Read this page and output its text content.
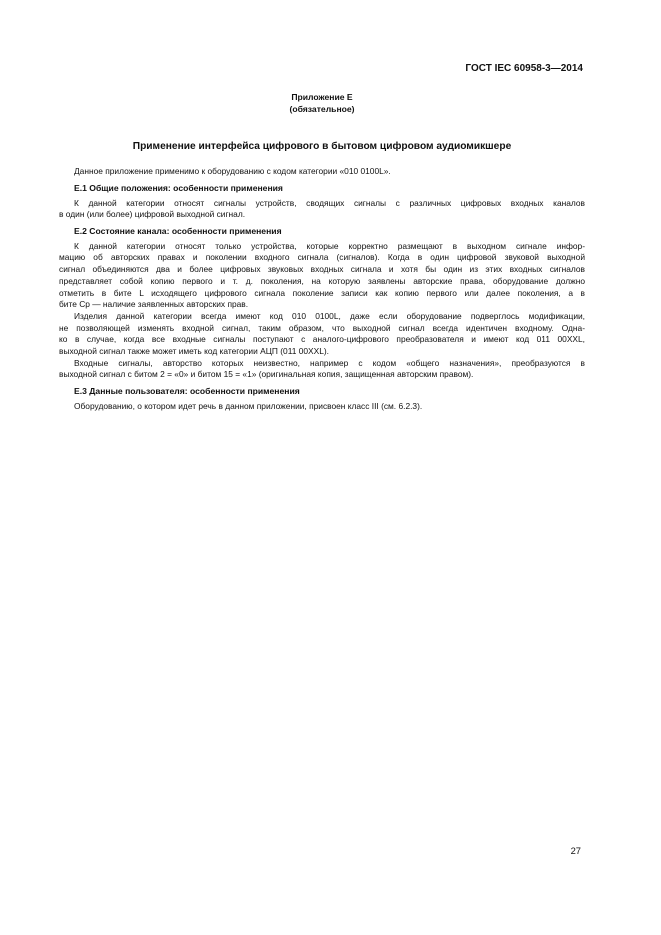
ГОСТ IEC 60958-3—2014
Приложение Е
(обязательное)
Применение интерфейса цифрового в бытовом цифровом аудиомикшере

Данное приложение применимо к оборудованию с кодом категории «010 0100L».

Е.1 Общие положения: особенности применения

К данной категории относят сигналы устройств, сводящих сигналы с различных цифровых входных каналов

в один (или более) цифровой выходной сигнал.

Е.2 Состояние канала: особенности применения

К данной категории относят только устройства, которые корректно размещают в выходном сигнале инфор-

мацию об авторских правах и поколении входного сигнала (сигналов). Когда в один цифровой звуковой выходной

сигнал объединяются два и более цифровых звуковых входных сигнала и хотя бы один из этих входных сигналов

представляет собой копию первого и т. д. поколения, на которую заявлены авторские права, оборудование должно

отметить в бите L исходящего цифрового сигнала поколение записи как копию первого или далее поколения, а в

бите Ср — наличие заявленных авторских прав.

Изделия данной категории всегда имеют код 010 0100L, даже если оборудование подверглось модификации,

не позволяющей изменять входной сигнал, таким образом, что выходной сигнал всегда идентичен входному. Одна-

ко в случае, когда все входные сигналы поступают с аналого-цифрового преобразователя и имеют код 011 00XXL,

выходной сигнал также может иметь код категории АЦП (011 00XXL).

Входные сигналы, авторство которых неизвестно, например с кодом «общего назначения», преобразуются в

выходной сигнал с битом 2 = «0» и битом 15 = «1» (оригинальная копия, защищенная авторским правом).

Е.3 Данные пользователя: особенности применения

Оборудованию, о котором идет речь в данном приложении, присвоен класс III (см. 6.2.3).

27
